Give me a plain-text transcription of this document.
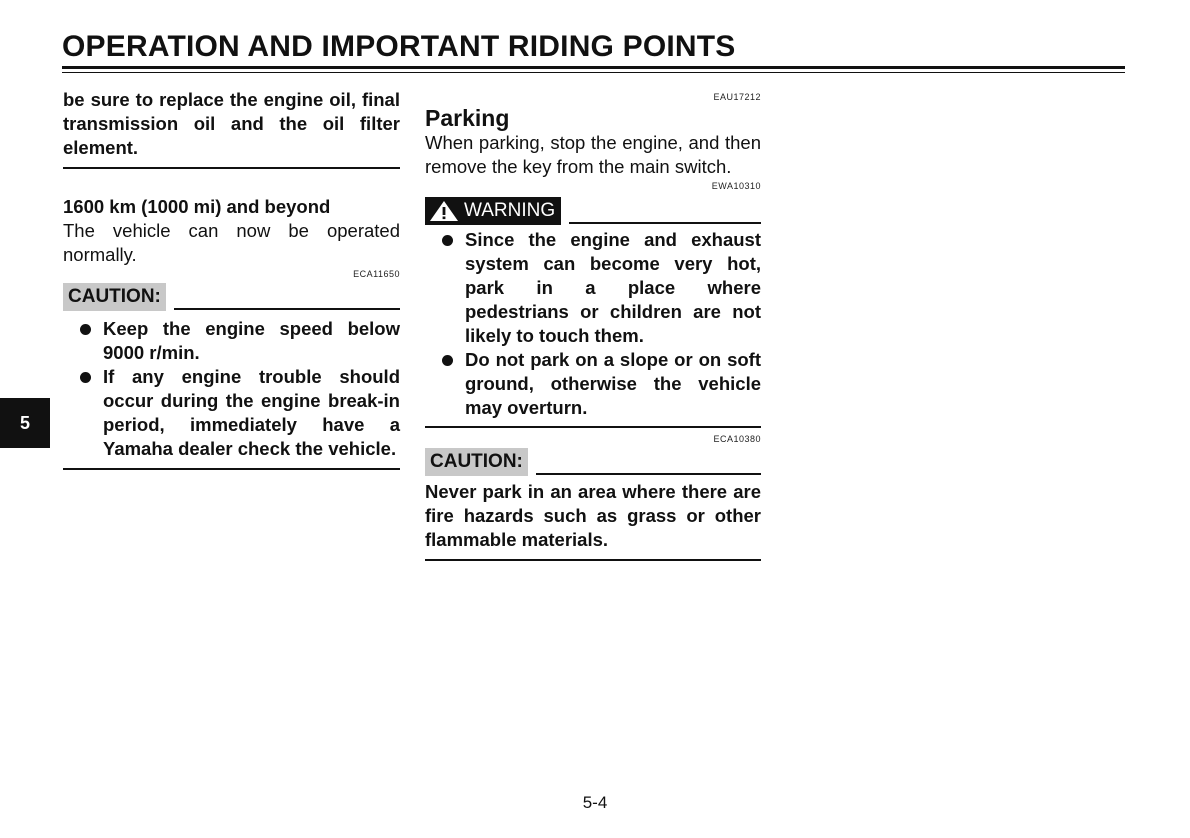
OPERATION AND IMPORTANT RIDING POINTS
5

be sure to replace the engine oil, final transmission oil and the oil filter element.

1600 km (1000 mi) and beyond

The vehicle can now be operated normally.

ECA11650
CAUTION:
Keep the engine speed below 9000 r/min.
If any engine trouble should occur during the engine break-in period, immediately have a Yamaha dealer check the vehicle.
EAU17212

Parking

When parking, stop the engine, and then remove the key from the main switch.

EWA10310
WARNING
Since the engine and exhaust system can become very hot, park in a place where pedestrians or children are not likely to touch them.
Do not park on a slope or on soft ground, otherwise the vehicle may overturn.
ECA10380
CAUTION:

Never park in an area where there are fire hazards such as grass or other flammable materials.

5-4
